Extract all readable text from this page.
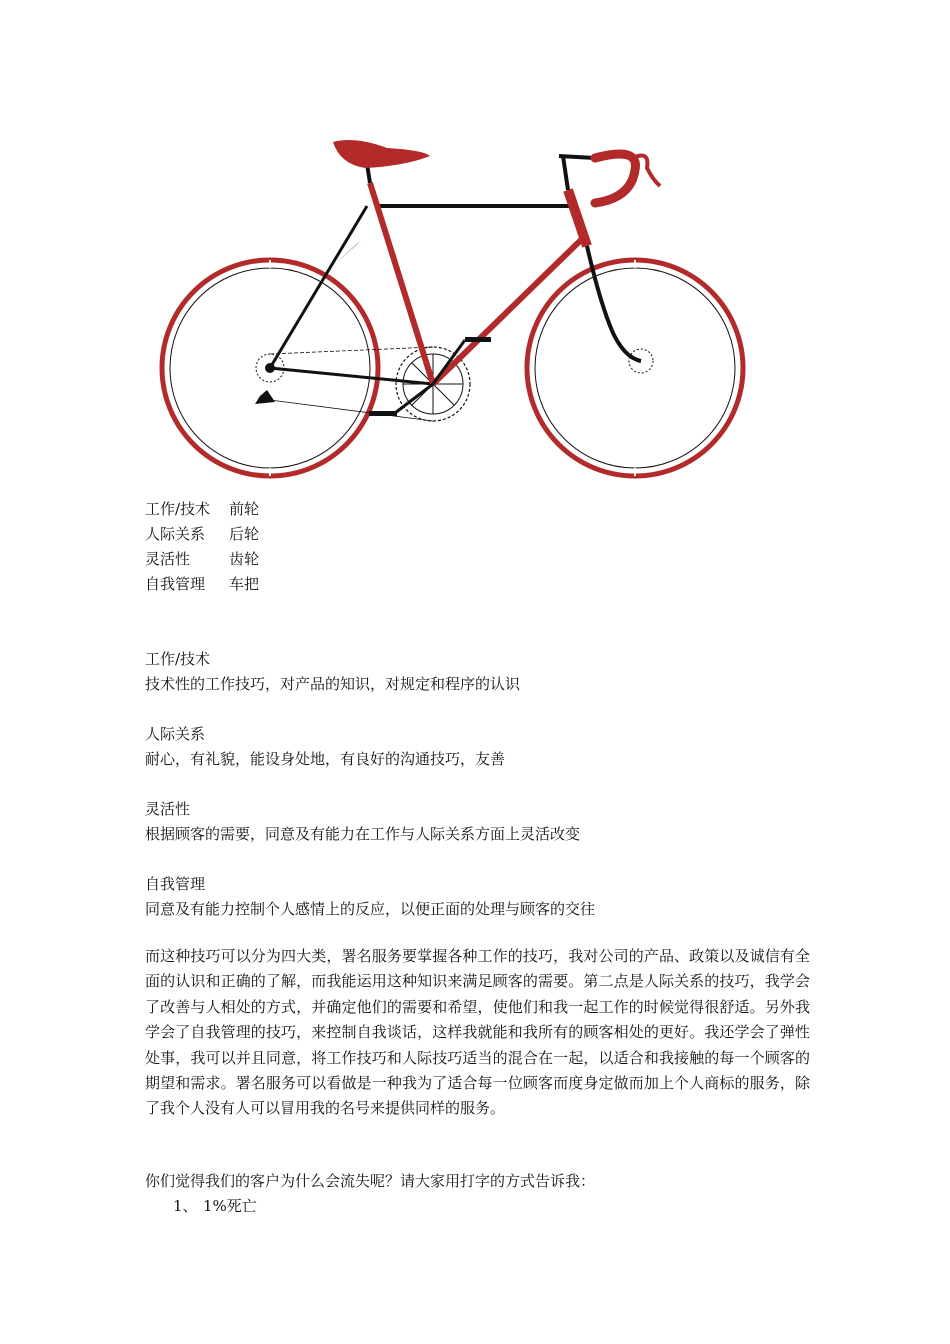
工作/技术 前轮
人际关系 后轮
灵活性	齿轮
自我管理 车把
工作/技术
技术性的工作技巧，对产品的知识，对规定和程序的认识
人际关系
耐心，有礼貌，能设身处地，有良好的沟通技巧，友善
灵活性
根据顾客的需要，同意及有能力在工作与人际关系方面上灵活改变
自我管理
同意及有能力控制个人感情上的反应，以便正面的处理与顾客的交往
而这种技巧可以分为四大类，署名服务要掌握各种工作的技巧，我对公司的产品、政策以及诚信有全面的认识和正确的了解，而我能运用这种知识来满足顾客的需要。第二点是人际关系的技巧，我学会了改善与人相处的方式，并确定他们的需要和希望，使他们和我一起工作的时候觉得很舒适。另外我学会了自我管理的技巧，来控制自我谈话，这样我就能和我所有的顾客相处的更好。我还学会了弹性处事，我可以并且同意，将工作技巧和人际技巧适当的混合在一起，以适合和我接触的每一个顾客的期望和需求。署名服务可以看做是一种我为了适合每一位顾客而度身定做而加上个人商标的服务，除了我个人没有人可以冒用我的名号来提供同样的服务。
你们觉得我们的客户为什么会流失呢？请大家用打字的方式告诉我：
1、 1%死亡
